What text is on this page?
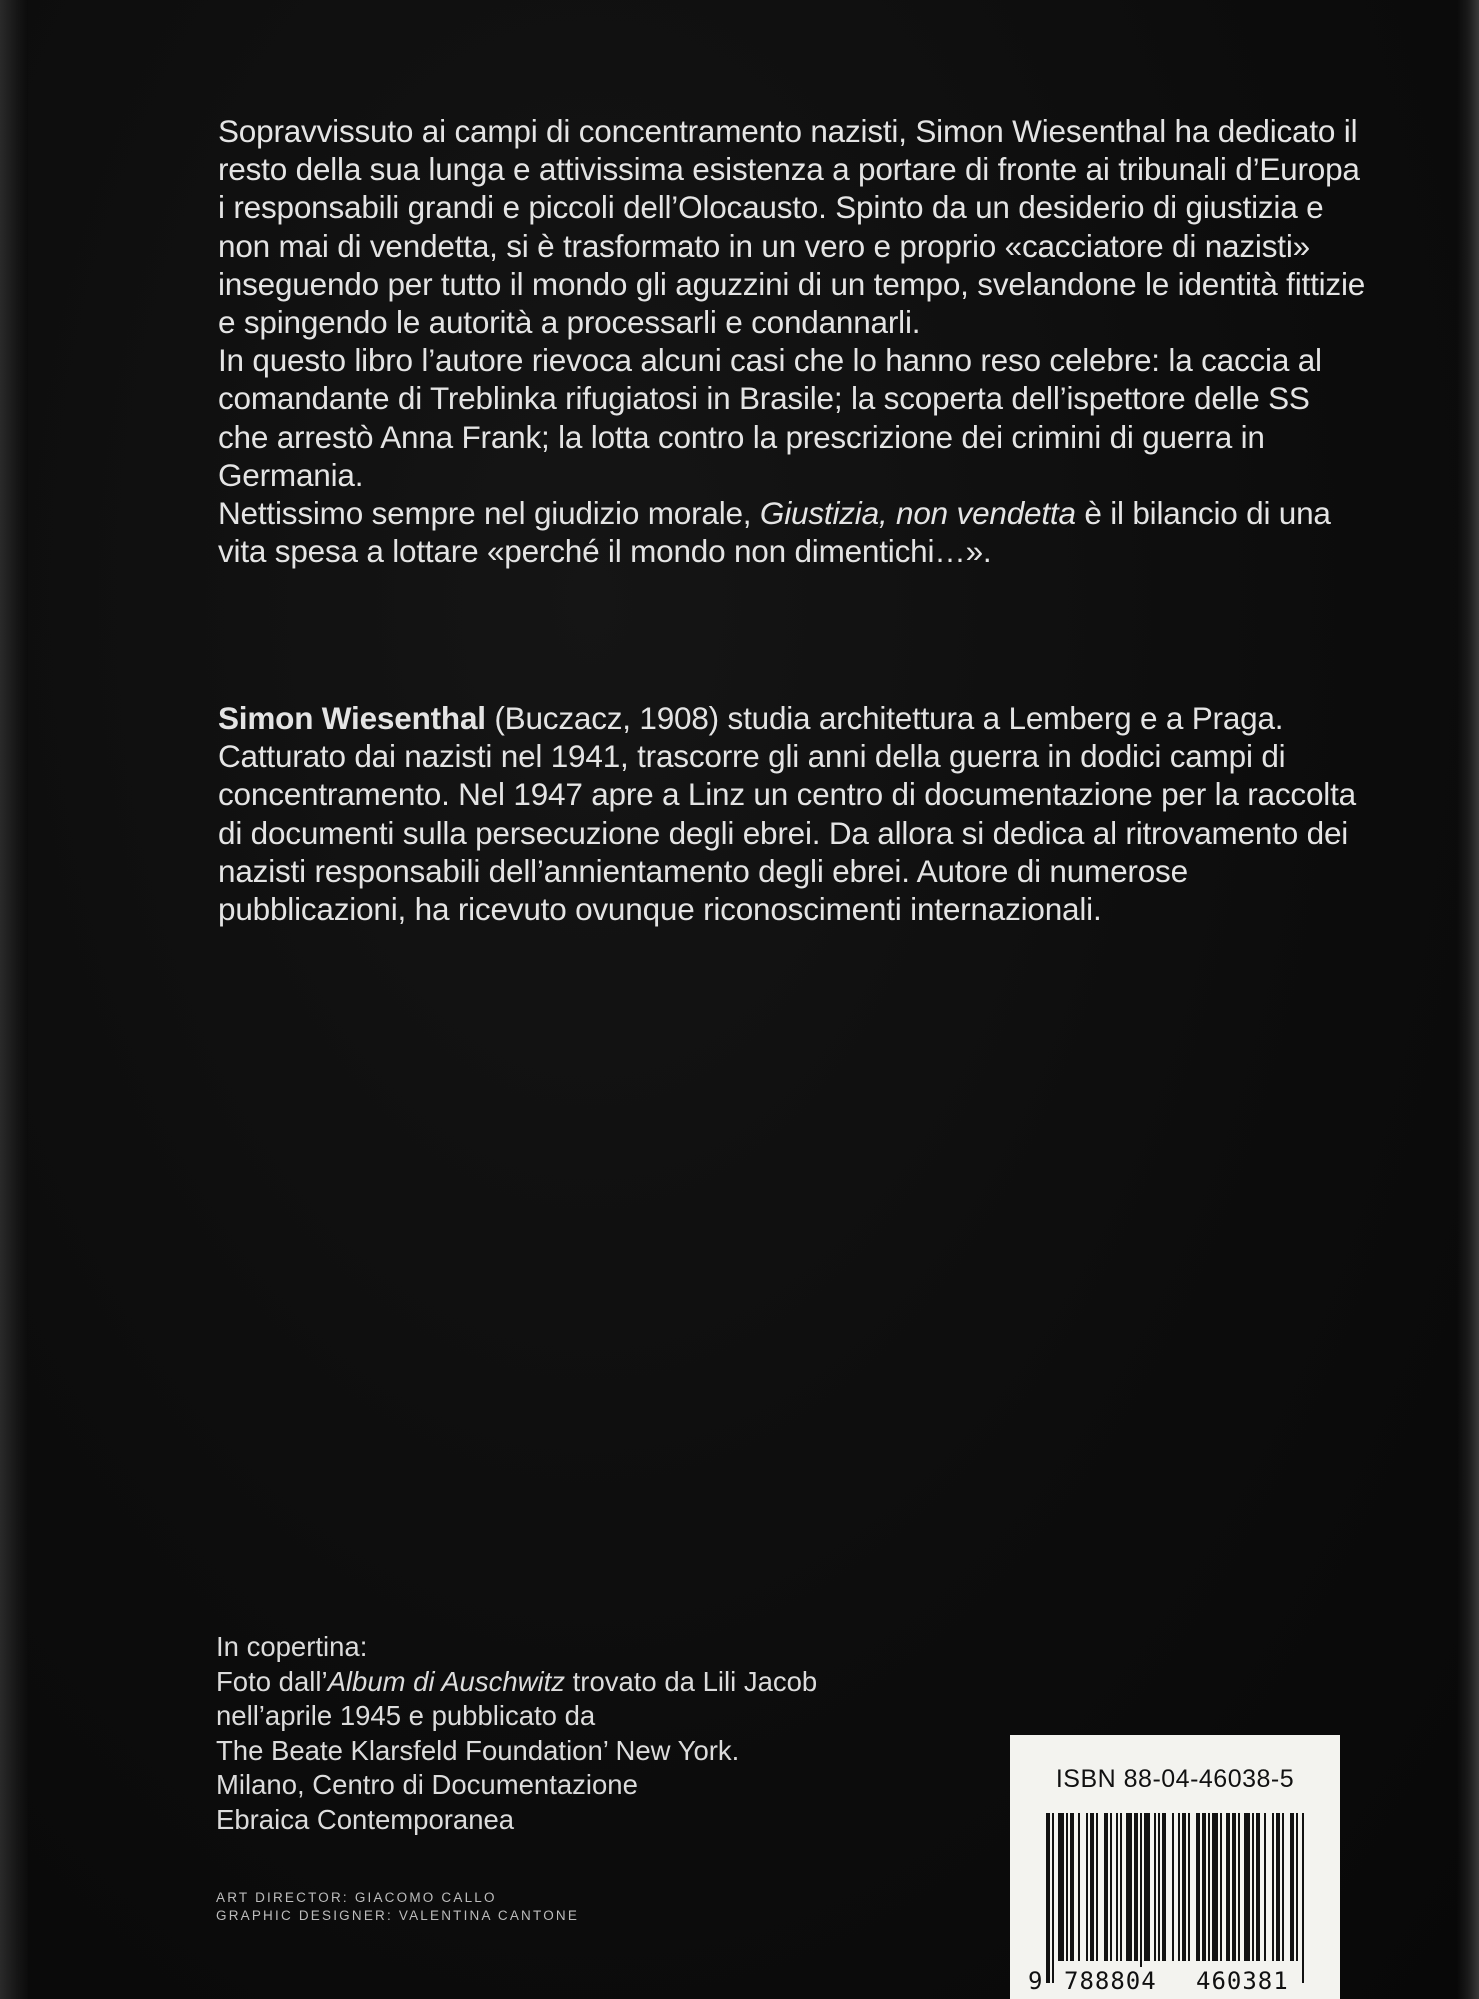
Sopravvissuto ai campi di concentramento nazisti, Simon Wiesenthal ha dedicato il resto della sua lunga e attivissima esistenza a portare di fronte ai tribunali d’Europa i responsabili grandi e piccoli dell’Olocausto. Spinto da un desiderio di giustizia e non mai di vendetta, si è trasformato in un vero e proprio «cacciatore di nazisti» inseguendo per tutto il mondo gli aguzzini di un tempo, svelandone le identità fittizie e spingendo le autorità a processarli e condannarli.

In questo libro l’autore rievoca alcuni casi che lo hanno reso celebre: la caccia al comandante di Treblinka rifugiatosi in Brasile; la scoperta dell’ispettore delle SS che arrestò Anna Frank; la lotta contro la prescrizione dei crimini di guerra in Germania.

Nettissimo sempre nel giudizio morale, Giustizia, non vendetta è il bilancio di una vita spesa a lottare «perché il mondo non dimentichi…».

Simon Wiesenthal (Buczacz, 1908) studia architettura a Lemberg e a Praga. Catturato dai nazisti nel 1941, trascorre gli anni della guerra in dodici campi di concentramento. Nel 1947 apre a Linz un centro di documentazione per la raccolta di documenti sulla persecuzione degli ebrei. Da allora si dedica al ritrovamento dei nazisti responsabili dell’annientamento degli ebrei. Autore di numerose pubblicazioni, ha ricevuto ovunque riconoscimenti internazionali.

In copertina:
Foto dall’Album di Auschwitz trovato da Lili Jacob
nell’aprile 1945 e pubblicato da
The Beate Klarsfeld Foundation’ New York.
Milano, Centro di Documentazione
Ebraica Contemporanea
ART DIRECTOR: GIACOMO CALLO
GRAPHIC DESIGNER: VALENTINA CANTONE
ISBN 88-04-46038-5
9 788804 460381
